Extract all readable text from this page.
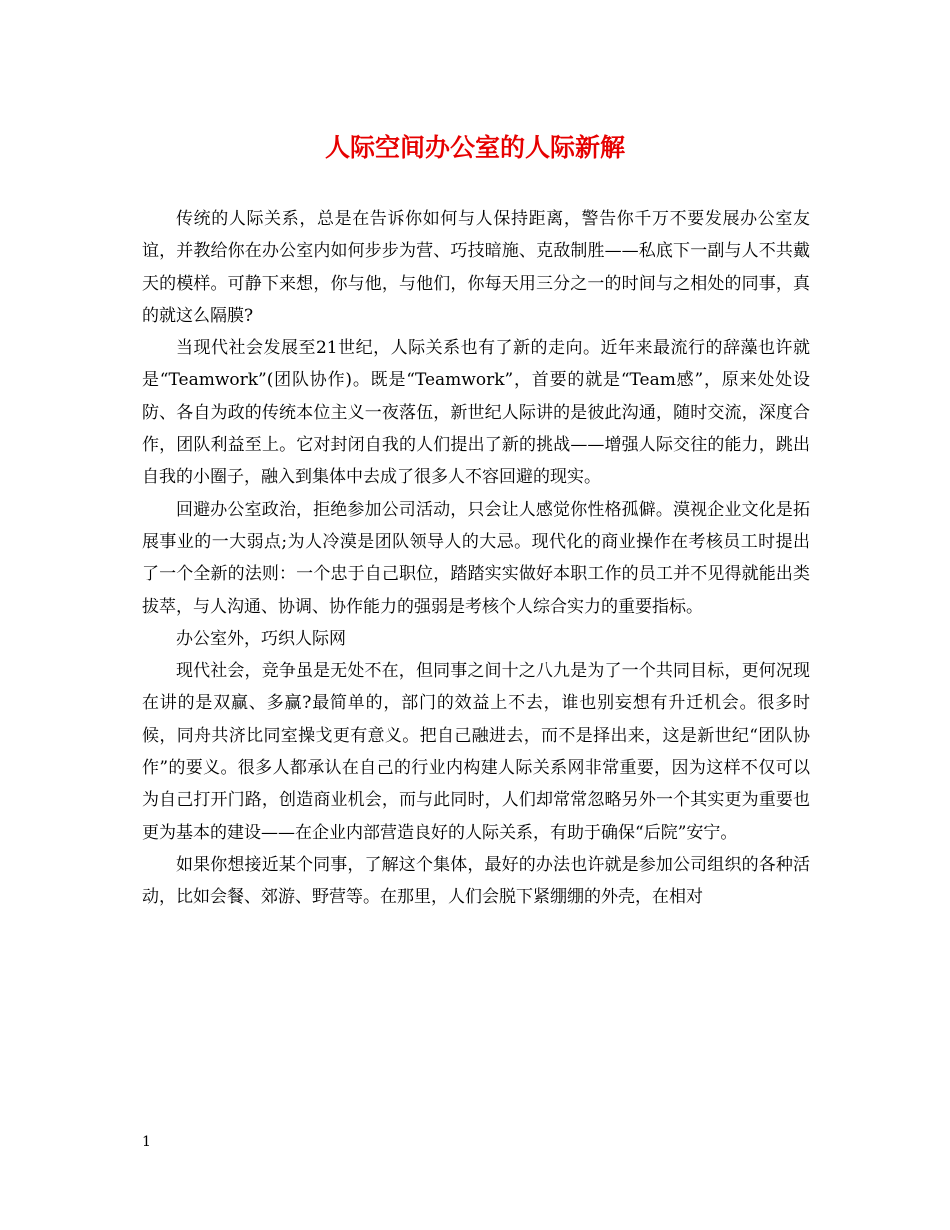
人际空间办公室的人际新解

传统的人际关系，总是在告诉你如何与人保持距离，警告你千万不要发展办公室友谊，并教给你在办公室内如何步步为营、巧技暗施、克敌制胜——私底下一副与人不共戴天的模样。可静下来想，你与他，与他们，你每天用三分之一的时间与之相处的同事，真的就这么隔膜?

当现代社会发展至21世纪，人际关系也有了新的走向。近年来最流行的辞藻也许就是“Teamwork”(团队协作)。既是“Teamwork”，首要的就是“Team感”，原来处处设防、各自为政的传统本位主义一夜落伍，新世纪人际讲的是彼此沟通，随时交流，深度合作，团队利益至上。它对封闭自我的人们提出了新的挑战——增强人际交往的能力，跳出自我的小圈子，融入到集体中去成了很多人不容回避的现实。

回避办公室政治，拒绝参加公司活动，只会让人感觉你性格孤僻。漠视企业文化是拓展事业的一大弱点;为人冷漠是团队领导人的大忌。现代化的商业操作在考核员工时提出了一个全新的法则：一个忠于自己职位，踏踏实实做好本职工作的员工并不见得就能出类拔萃，与人沟通、协调、协作能力的强弱是考核个人综合实力的重要指标。

办公室外，巧织人际网

现代社会，竞争虽是无处不在，但同事之间十之八九是为了一个共同目标，更何况现在讲的是双赢、多赢?最简单的，部门的效益上不去，谁也别妄想有升迁机会。很多时候，同舟共济比同室操戈更有意义。把自己融进去，而不是择出来，这是新世纪“团队协作”的要义。很多人都承认在自己的行业内构建人际关系网非常重要，因为这样不仅可以为自己打开门路，创造商业机会，而与此同时，人们却常常忽略另外一个其实更为重要也更为基本的建设——在企业内部营造良好的人际关系，有助于确保“后院”安宁。

如果你想接近某个同事，了解这个集体，最好的办法也许就是参加公司组织的各种活动，比如会餐、郊游、野营等。在那里，人们会脱下紧绷绷的外壳，在相对

1
